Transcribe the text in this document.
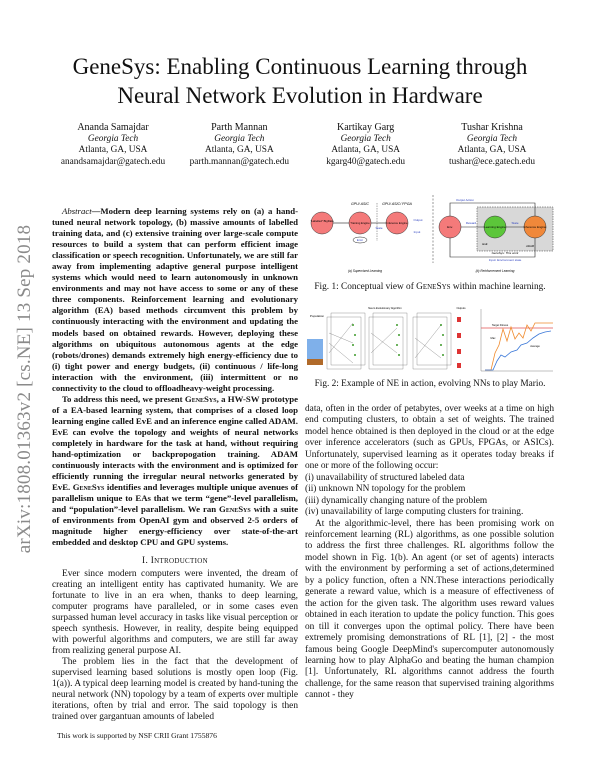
GeneSys: Enabling Continuous Learning through
Neural Network Evolution in Hardware
Ananda Samajdar
Georgia Tech
Atlanta, GA, USA
anandsamajdar@gatech.edu
Parth Mannan
Georgia Tech
Atlanta, GA, USA
parth.mannan@gatech.edu
Kartikay Garg
Georgia Tech
Atlanta, GA, USA
kgarg40@gatech.edu
Tushar Krishna
Georgia Tech
Atlanta, GA, USA
tushar@ece.gatech.edu
arXiv:1808.01363v2 [cs.NE] 13 Sep 2018

Abstract—Modern deep learning systems rely on (a) a hand-tuned neural network topology, (b) massive amounts of labelled training data, and (c) extensive training over large-scale compute resources to build a system that can perform efficient image classification or speech recognition. Unfortunately, we are still far away from implementing adaptive general purpose intelligent systems which would need to learn autonomously in unknown environments and may not have access to some or any of these three components. Reinforcement learning and evolutionary algorithm (EA) based methods circumvent this problem by continuously interacting with the environment and updating the models based on obtained rewards. However, deploying these algorithms on ubiquitous autonomous agents at the edge (robots/drones) demands extremely high energy-efficiency due to (i) tight power and energy budgets, (ii) continuous / life-long interaction with the environment, (iii) intermittent or no connectivity to the cloud to offloadheavy-weight processing.

To address this need, we present GeneSys, a HW-SW prototype of a EA-based learning system, that comprises of a closed loop learning engine called EvE and an inference engine called ADAM. EvE can evolve the topology and weights of neural networks completely in hardware for the task at hand, without requiring hand-optimization or backpropogation training. ADAM continuously interacts with the environment and is optimized for efficiently running the irregular neural networks generated by EvE. GeneSys identifies and leverages multiple unique avenues of parallelism unique to EAs that we term “gene”-level parallelism, and “population”-level parallelism. We ran GeneSys with a suite of environments from OpenAI gym and observed 2-5 orders of magnitude higher energy-efficiency over state-of-the-art embedded and desktop CPU and GPU systems.

I. Introduction

Ever since modern computers were invented, the dream of creating an intelligent entity has captivated humanity. We are fortunate to live in an era when, thanks to deep learning, computer programs have paralleled, or in some cases even surpassed human level accuracy in tasks like visual perception or speech synthesis. However, in reality, despite being equipped with powerful algorithms and computers, we are still far away from realizing general purpose AI.

The problem lies in the fact that the development of supervised learning based solutions is mostly open loop (Fig. 1(a)). A typical deep learning model is created by hand-tuning the neural network (NN) topology by a team of experts over multiple iterations, often by trial and error. The said topology is then trained over gargantuan amounts of labeled

This work is supported by NSF CRII Grant 1755876
GPU/ ASIC	GPU/ ASIC/ FPGA
"Labelled" BigData	Training Engine	Inference Engine
State
Output
Input
Error
Env.	Learning Engine	Inference Engine
Reward	State
Output Action
EvE	ADAM
GeneSys: This work
Input: Environment state
(a) Supervised Learning	(b) Reinforcement Learning
Fig. 1: Conceptual view of GeneSys within machine learning.
Population
Neuro Evolutionary Algorithm	Outputs
Target Fitness
Max
Average
Fig. 2: Example of NE in action, evolving NNs to play Mario.

data, often in the order of petabytes, over weeks at a time on high end computing clusters, to obtain a set of weights. The trained model hence obtained is then deployed in the cloud or at the edge over inference accelerators (such as GPUs, FPGAs, or ASICs). Unfortunately, supervised learning as it operates today breaks if one or more of the following occur:

(i) unavailability of structured labeled data

(ii) unknown NN topology for the problem

(iii) dynamically changing nature of the problem

(iv) unavailability of large computing clusters for training.

At the algorithmic-level, there has been promising work on reinforcement learning (RL) algorithms, as one possible solution to address the first three challenges. RL algorithms follow the model shown in Fig. 1(b). An agent (or set of agents) interacts with the environment by performing a set of actions,determined by a policy function, often a NN.These interactions periodically generate a reward value, which is a measure of effectiveness of the action for the given task. The algorithm uses reward values obtained in each iteration to update the policy function. This goes on till it converges upon the optimal policy. There have been extremely promising demonstrations of RL [1], [2] - the most famous being Google DeepMind's supercomputer autonomously learning how to play AlphaGo and beating the human champion [1]. Unfortunately, RL algorithms cannot address the fourth challenge, for the same reason that supervised training algorithms cannot - they
